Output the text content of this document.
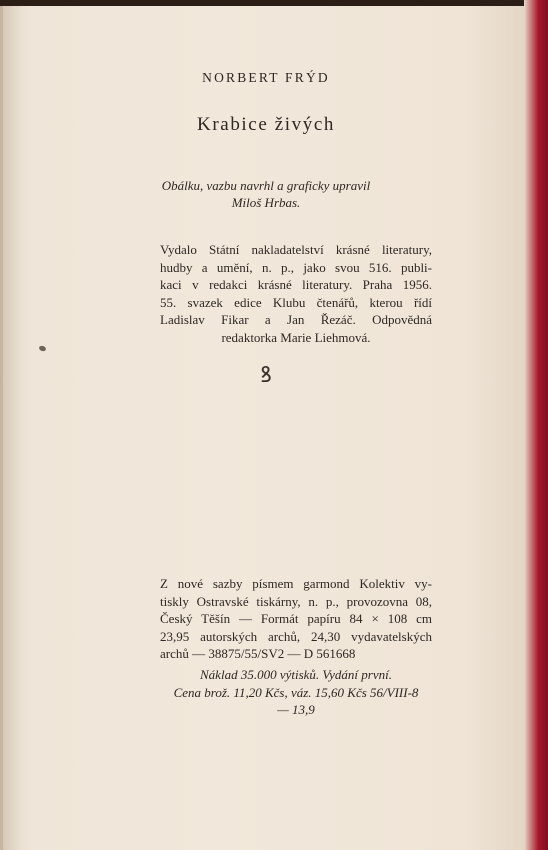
NORBERT FRÝD
Krabice živých
Obálku, vazbu navrhl a graficky upravil
Miloš Hrbas.
Vydalo Státní nakladatelství krásné literatury,
hudby a umění, n. p., jako svou 516. publi-
kaci v redakci krásné literatury. Praha 1956.
55. svazek edice Klubu čtenářů, kterou řídí
Ladislav Fikar a Jan Řezáč. Odpovědná
redaktorka Marie Liehmová.
ꝸ
Z nové sazby písmem garmond Kolektiv vy-
tiskly Ostravské tiskárny, n. p., provozovna 08,
Český Těšín — Formát papíru 84 × 108 cm
23,95 autorských archů, 24,30 vydavatelských
archů — 38875/55/SV2 — D 561668
Náklad 35.000 výtisků. Vydání první.
Cena brož. 11,20 Kčs, váz. 15,60 Kčs 56/VIII-8
— 13,9
